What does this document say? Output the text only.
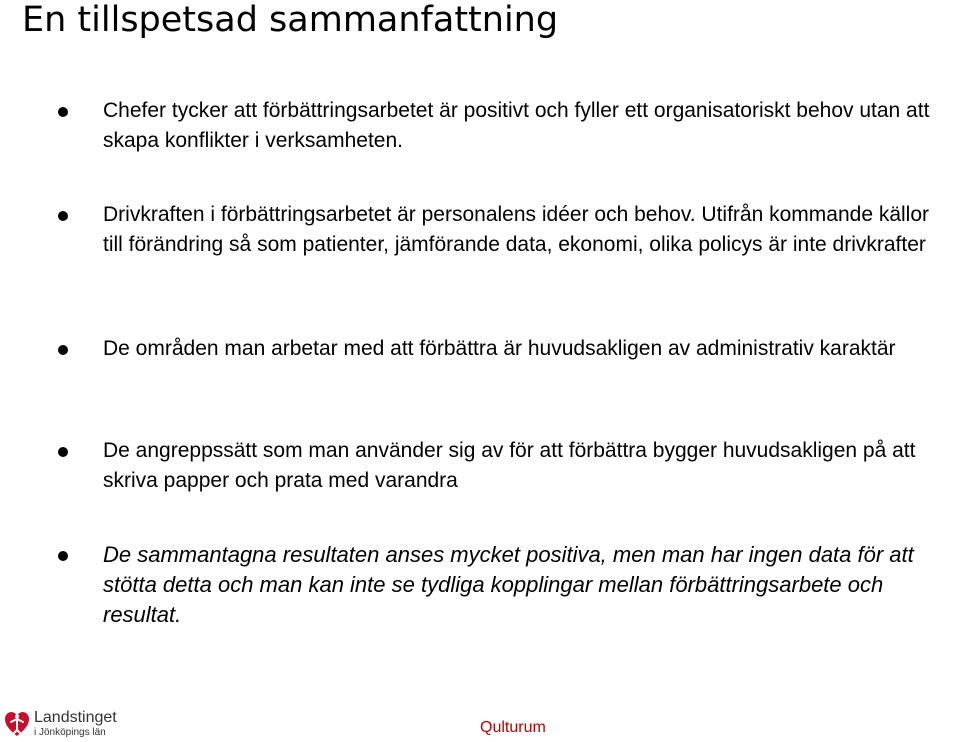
En tillspetsad sammanfattning

Chefer tycker att förbättringsarbetet är positivt och fyller ett organisatoriskt behov utan att skapa konflikter i verksamheten.

Drivkraften i förbättringsarbetet är personalens idéer och behov. Utifrån kommande källor till förändring så som patienter, jämförande data, ekonomi, olika policys är inte drivkrafter

De områden man arbetar med att förbättra är huvudsakligen av administrativ karaktär

De angreppssätt som man använder sig av för att förbättra bygger huvudsakligen på att skriva papper och prata med varandra

De sammantagna resultaten anses mycket positiva, men man har ingen data för att stötta detta och man kan inte se tydliga kopplingar mellan förbättringsarbete och resultat.

Landstinget
i Jönköpings län	Qulturum
